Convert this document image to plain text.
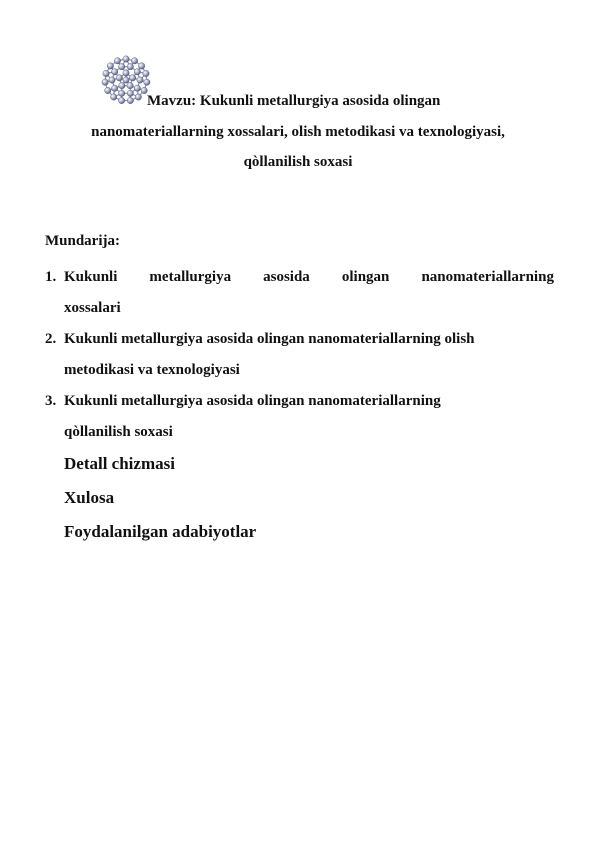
Mavzu: Kukunli metallurgiya asosida olingan
nanomateriallarning xossalari, olish metodikasi va texnologiyasi,
qòllanilish soxasi
Mundarija:
1. Kukunli metallurgiya asosida olingan nanomateriallarning
xossalari
2. Kukunli metallurgiya asosida olingan nanomateriallarning olish
metodikasi va texnologiyasi
3. Kukunli metallurgiya asosida olingan nanomateriallarning
qòllanilish soxasi
Detall chizmasi
Xulosa
Foydalanilgan adabiyotlar
